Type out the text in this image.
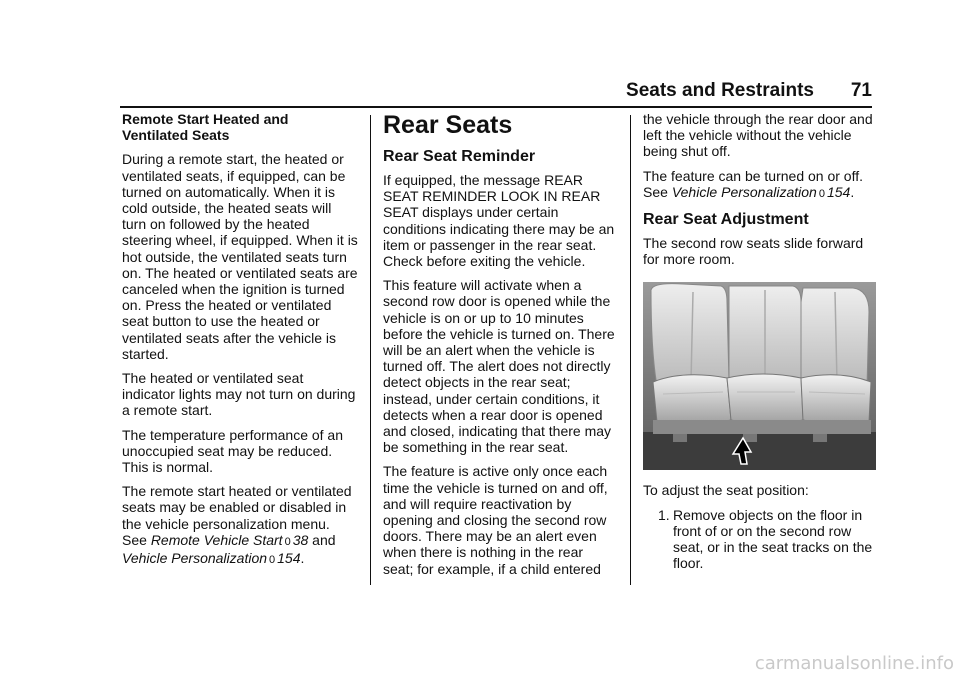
Seats and Restraints 71

Remote Start Heated and Ventilated Seats

During a remote start, the heated or ventilated seats, if equipped, can be turned on automatically. When it is cold outside, the heated seats will turn on followed by the heated steering wheel, if equipped. When it is hot outside, the ventilated seats turn on. The heated or ventilated seats are canceled when the ignition is turned on. Press the heated or ventilated seat button to use the heated or ventilated seats after the vehicle is started.

The heated or ventilated seat indicator lights may not turn on during a remote start.

The temperature performance of an unoccupied seat may be reduced. This is normal.

The remote start heated or ventilated seats may be enabled or disabled in the vehicle personalization menu. See Remote Vehicle Start 0 38 and Vehicle Personalization 0 154.

Rear Seats
Rear Seat Reminder

If equipped, the message REAR SEAT REMINDER LOOK IN REAR SEAT displays under certain conditions indicating there may be an item or passenger in the rear seat. Check before exiting the vehicle.

This feature will activate when a second row door is opened while the vehicle is on or up to 10 minutes before the vehicle is turned on. There will be an alert when the vehicle is turned off. The alert does not directly detect objects in the rear seat; instead, under certain conditions, it detects when a rear door is opened and closed, indicating that there may be something in the rear seat.

The feature is active only once each time the vehicle is turned on and off, and will require reactivation by opening and closing the second row doors. There may be an alert even when there is nothing in the rear seat; for example, if a child entered

the vehicle through the rear door and left the vehicle without the vehicle being shut off.

The feature can be turned on or off. See Vehicle Personalization 0 154.

Rear Seat Adjustment

The second row seats slide forward for more room.

To adjust the seat position:

1. Remove objects on the floor in front of or on the second row seat, or in the seat tracks on the floor.
carmanualsonline.info
